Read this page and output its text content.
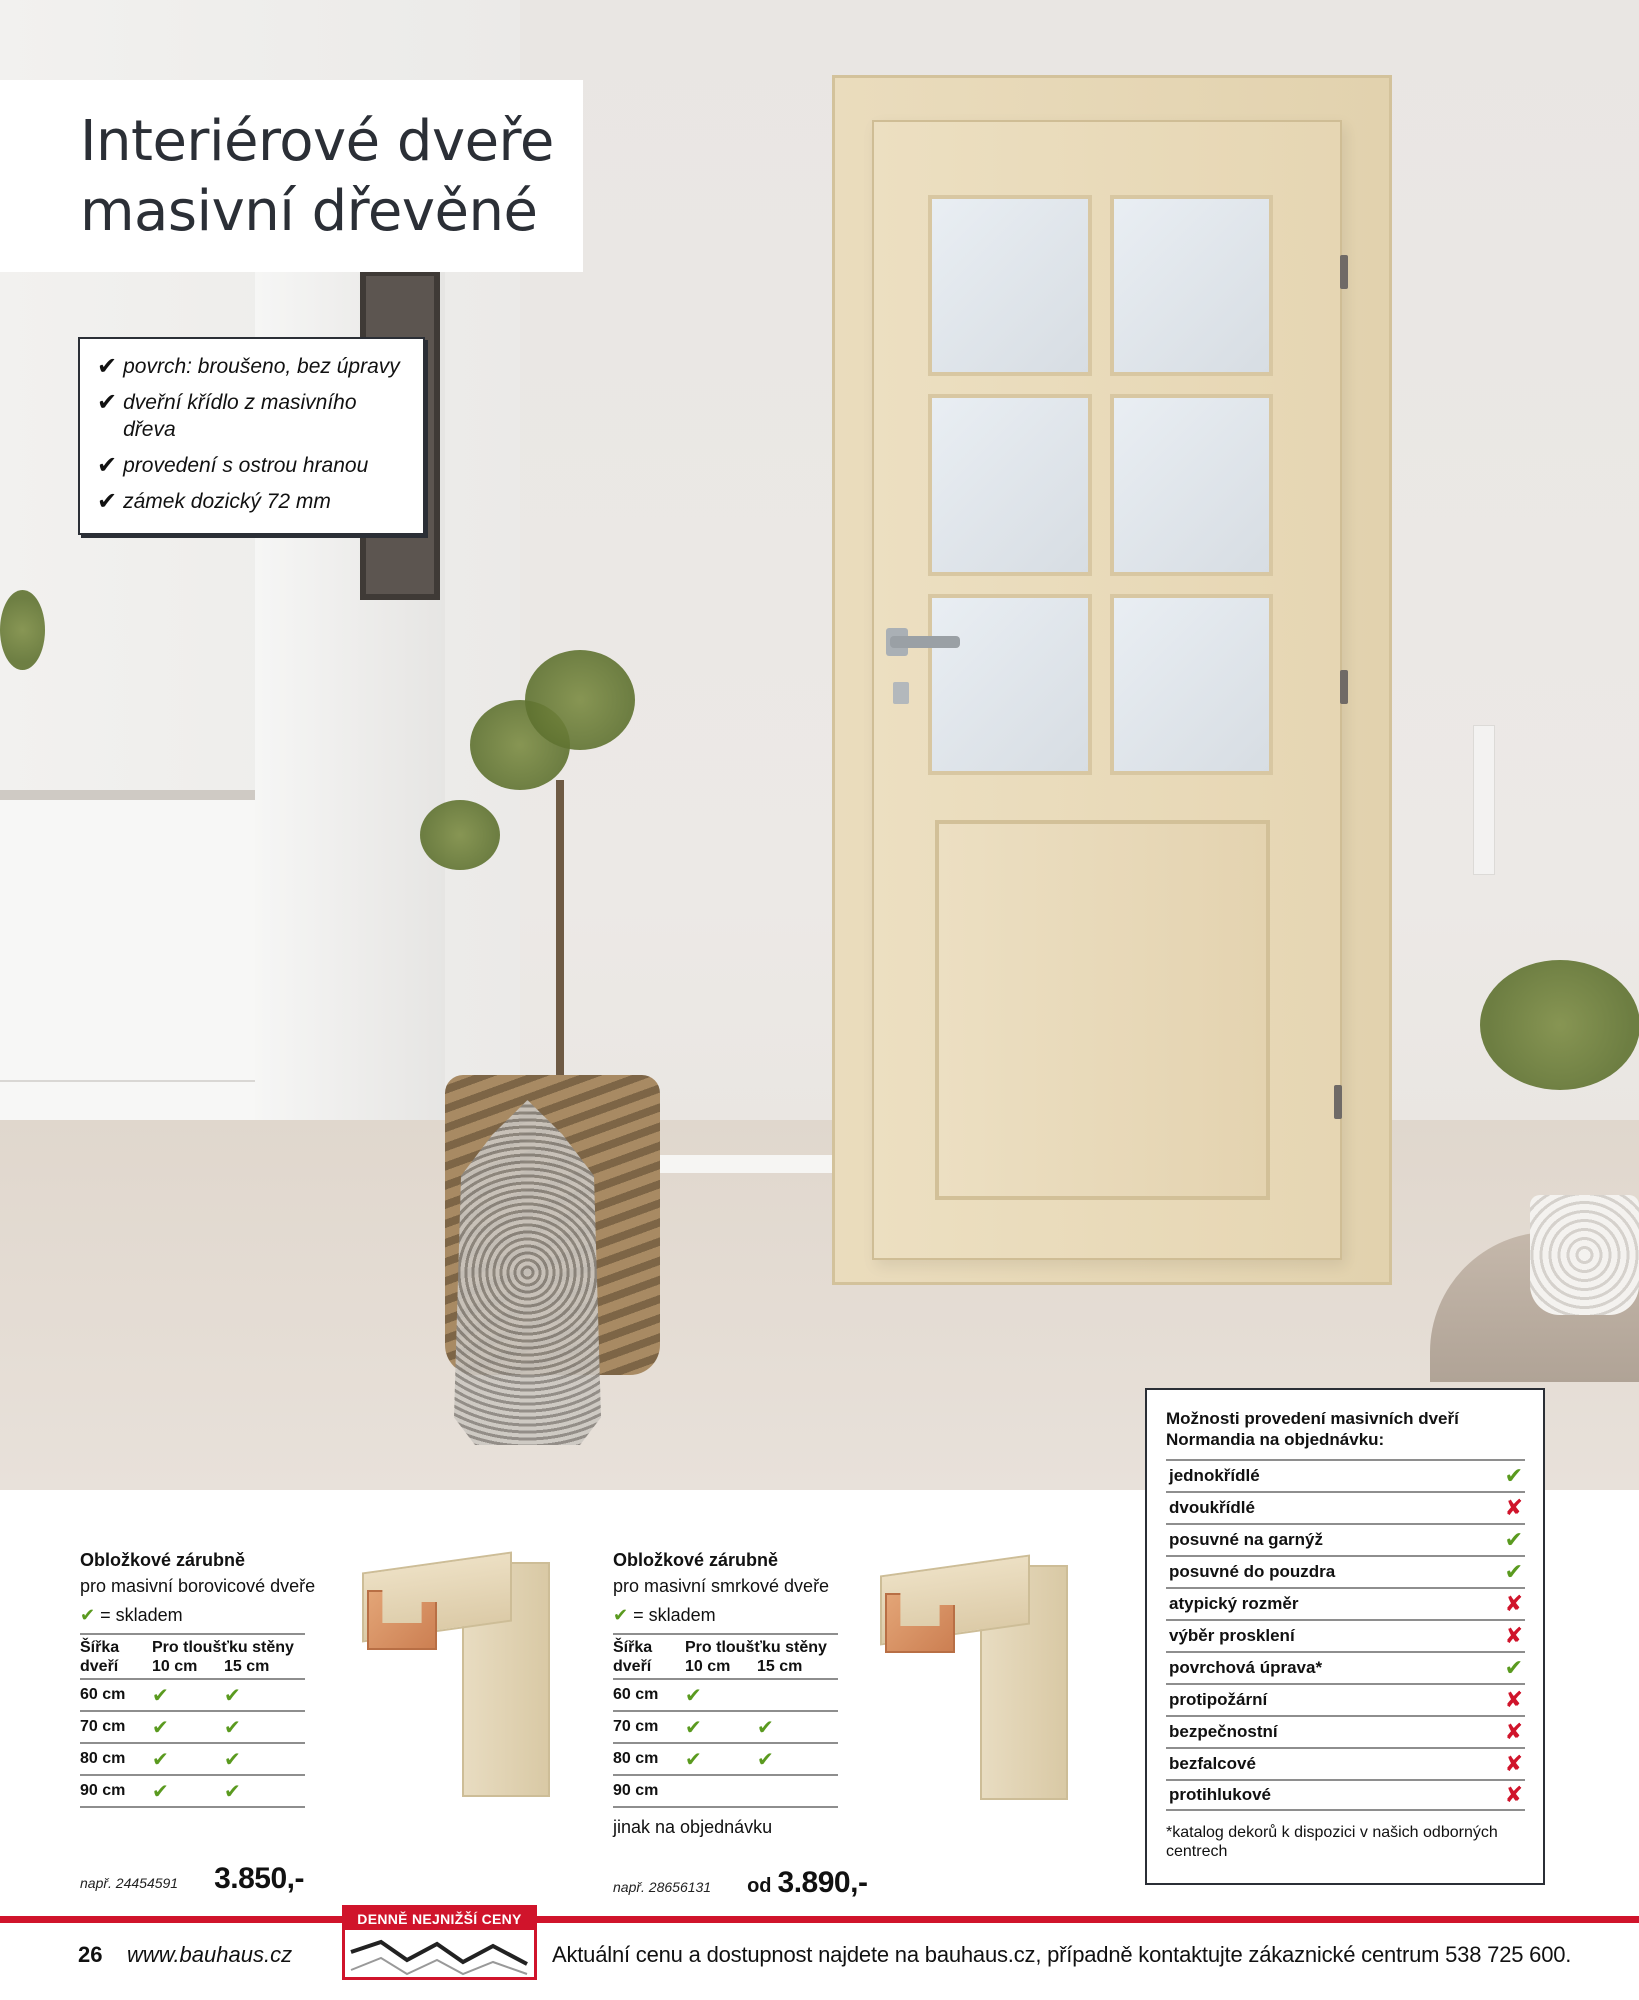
Interiérové dveře
masivní dřevěné
✔ povrch: broušeno, bez úpravy
✔ dveřní křídlo z masivního dřeva
✔ provedení s ostrou hranou
✔ zámek dozický 72 mm
Možnosti provedení masivních dveří Normandia na objednávku:
jednokřídlé	✔
dvoukřídlé	✘
posuvné na garnýž	✔
posuvné do pouzdra	✔
atypický rozměr	✘
výběr prosklení	✘
povrchová úprava*	✔
protipožární	✘
bezpečnostní	✘
bezfalcové	✘
protihlukové	✘
*katalog dekorů k dispozici v našich odborných centrech
Obložkové zárubně
pro masivní borovicové dveře
✔ = skladem
Šířka dveří	Pro tloušťku stěny	
	10 cm	15 cm
60 cm	✔	✔
70 cm	✔	✔
80 cm	✔	✔
90 cm	✔	✔
např. 24454591 3.850,-
Obložkové zárubně
pro masivní smrkové dveře
✔ = skladem
Šířka dveří	Pro tloušťku stěny	
	10 cm	15 cm
60 cm	✔	
70 cm	✔	✔
80 cm	✔	✔
90 cm		
jinak na objednávku
např. 28656131 od 3.890,-
26 www.bauhaus.cz
DENNĚ NEJNIŽŠÍ CENY
Aktuální cenu a dostupnost najdete na bauhaus.cz, případně kontaktujte zákaznické centrum 538 725 600.
